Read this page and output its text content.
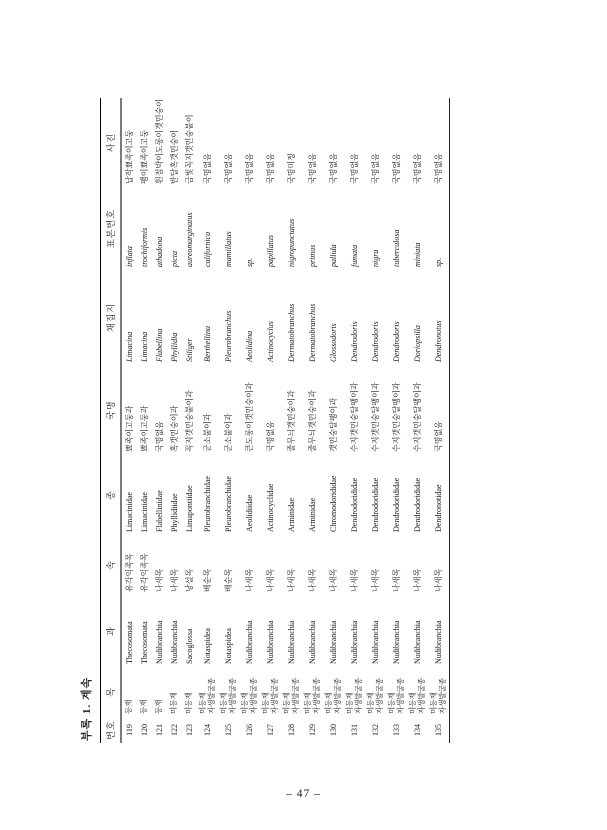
부록 1. 계속 번호	목	과	속	종	국명	채집지	표본번호	사진
119	등재	Thecosomata	유각익족목	Limacinidae	뾰족이고둥과	Limacina	inflata	납작뾰족이고둥
120	등재	Thecosomata	유각익족목	Limacinidae	뾰족이고둥과	Limacina	trochiformis	팽이뾰족이고둥
121	등재	Nudibranchia	나새목	Flabellinidae	국명없음	Flabellina	athadona	흰점박이도롱이갯민숭이
122	미등재	Nudibranchia	나새목	Phyllidiidae	혹갯민숭이과	Phyllidia	picta	반달혹갯민숭이
123	미등재	Sacoglossa	낭설목	Limapontiidae	꼭지갯민숭붙이과	Stiliger	aureomarginatus	금빛꼭지갯민숭붙이
124	미등재 자생발굴종	Notaspidea	배순목	Pleurobranchidae	군소붙이과	Berthellina	californica	국명없음
125	미등재 자생발굴종	Notaspidea	배순목	Pleurobranchidae	군소붙이과	Pleurobranchus	mamillatus	국명없음
126	미등재 자생발굴종	Nudibranchia	나새목	Aeolidiidae	큰도롱이갯민숭이과	Aeolidina	sp.	국명없음
127	미등재 자생발굴종	Nudibranchia	나새목	Actinocyclidae	국명없음	Actinocyclus	papillatus	국명없음
128	미등재 자생발굴종	Nudibranchia	나새목	Arminidae	줄무늬갯민숭이과	Dermatobranchus	nigropunctatus	국명미정
129	미등재 자생발굴종	Nudibranchia	나새목	Arminidae	줄무늬갯민숭이과	Dermatobranchus	primus	국명없음
130	미등재 자생발굴종	Nudibranchia	나새목	Chromodorididae	갯민숭달팽이과	Glossodoris	pallida	국명없음
131	미등재 자생발굴종	Nudibranchia	나새목	Dendrodorididae	수지갯민숭달팽이과	Dendrodoris	fumata	국명없음
132	미등재 자생발굴종	Nudibranchia	나새목	Dendrodorididae	수지갯민숭달팽이과	Dendrodoris	nigra	국명없음
133	미등재 자생발굴종	Nudibranchia	나새목	Dendrodorididae	수지갯민숭달팽이과	Dendrodoris	tuberculosa	국명없음
134	미등재 자생발굴종	Nudibranchia	나새목	Dendrodorididae	수지갯민숭달팽이과	Doriopsilla	miniata	국명없음
135	미등재 자생발굴종	Nudibranchia	나새목	Dendronotidae	국명없음	Dendronotus	sp.	국명없음
– 47 –
